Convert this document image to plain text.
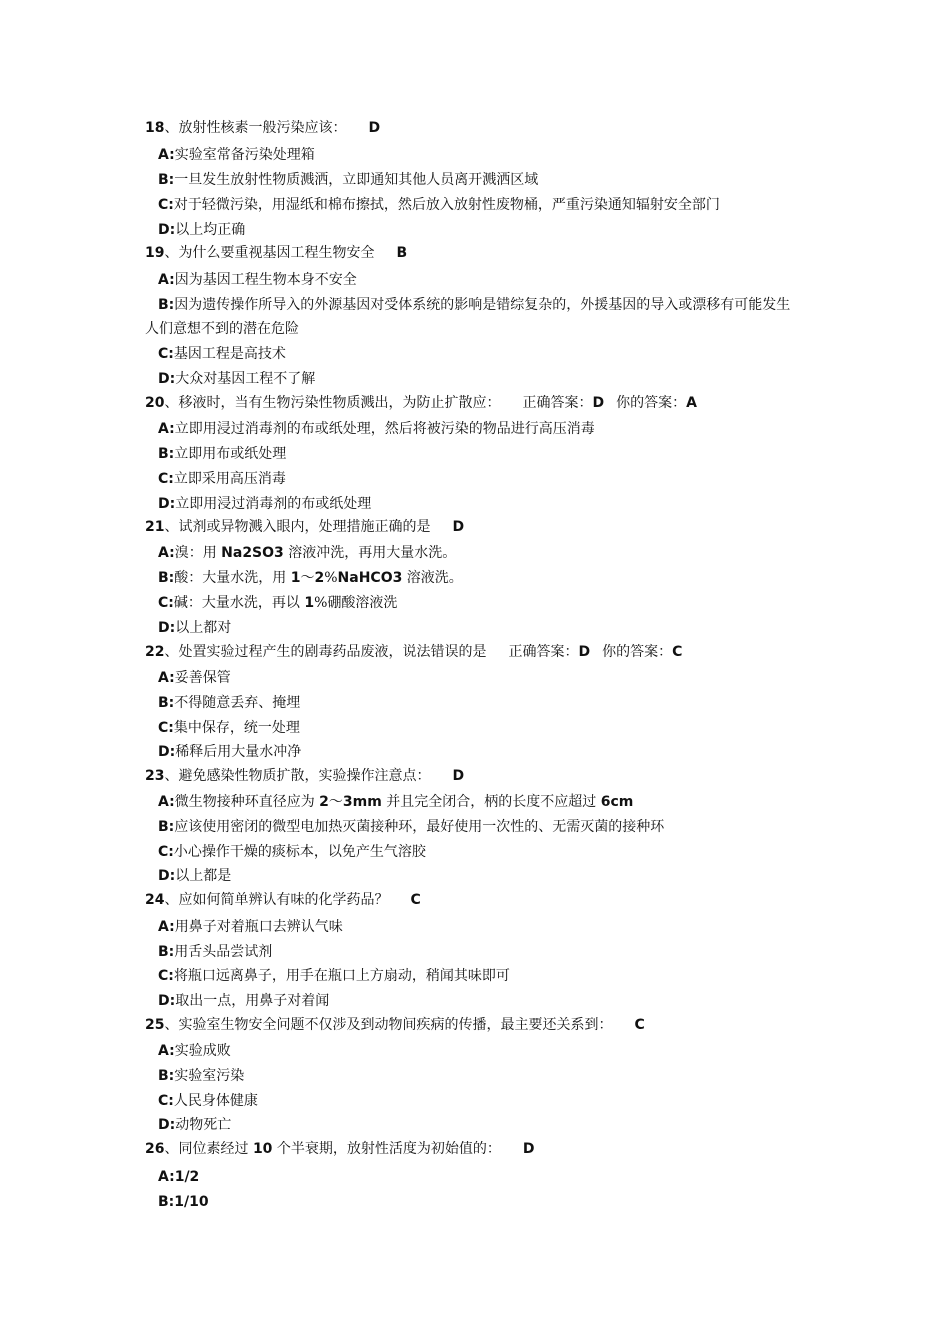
18、放射性核素一般污染应该： D
A:实验室常备污染处理箱
B:一旦发生放射性物质溅洒，立即通知其他人员离开溅洒区域
C:对于轻微污染，用湿纸和棉布擦拭，然后放入放射性废物桶，严重污染通知辐射安全部门
D:以上均正确
19、为什么要重视基因工程生物安全 B
A:因为基因工程生物本身不安全
B:因为遗传操作所导入的外源基因对受体系统的影响是错综复杂的，外援基因的导入或漂移有可能发生
人们意想不到的潜在危险
C:基因工程是高技术
D:大众对基因工程不了解
20、移液时，当有生物污染性物质溅出，为防止扩散应： 正确答案：D 你的答案：A
A:立即用浸过消毒剂的布或纸处理，然后将被污染的物品进行高压消毒
B:立即用布或纸处理
C:立即采用高压消毒
D:立即用浸过消毒剂的布或纸处理
21、试剂或异物溅入眼内，处理措施正确的是 D
A:溴：用 Na2SO3 溶液冲洗，再用大量水洗。
B:酸：大量水洗，用 1～2%NaHCO3 溶液洗。
C:碱：大量水洗，再以 1%硼酸溶液洗
D:以上都对
22、处置实验过程产生的剧毒药品废液，说法错误的是 正确答案：D 你的答案：C
A:妥善保管
B:不得随意丢弃、掩埋
C:集中保存，统一处理
D:稀释后用大量水冲净
23、避免感染性物质扩散，实验操作注意点： D
A:微生物接种环直径应为 2～3mm 并且完全闭合，柄的长度不应超过 6cm
B:应该使用密闭的微型电加热灭菌接种环，最好使用一次性的、无需灭菌的接种环
C:小心操作干燥的痰标本，以免产生气溶胶
D:以上都是
24、应如何简单辨认有味的化学药品？ C
A:用鼻子对着瓶口去辨认气味
B:用舌头品尝试剂
C:将瓶口远离鼻子，用手在瓶口上方扇动，稍闻其味即可
D:取出一点，用鼻子对着闻
25、实验室生物安全问题不仅涉及到动物间疾病的传播，最主要还关系到： C
A:实验成败
B:实验室污染
C:人民身体健康
D:动物死亡
26、同位素经过 10 个半衰期，放射性活度为初始值的： D
A:1/2
B:1/10
